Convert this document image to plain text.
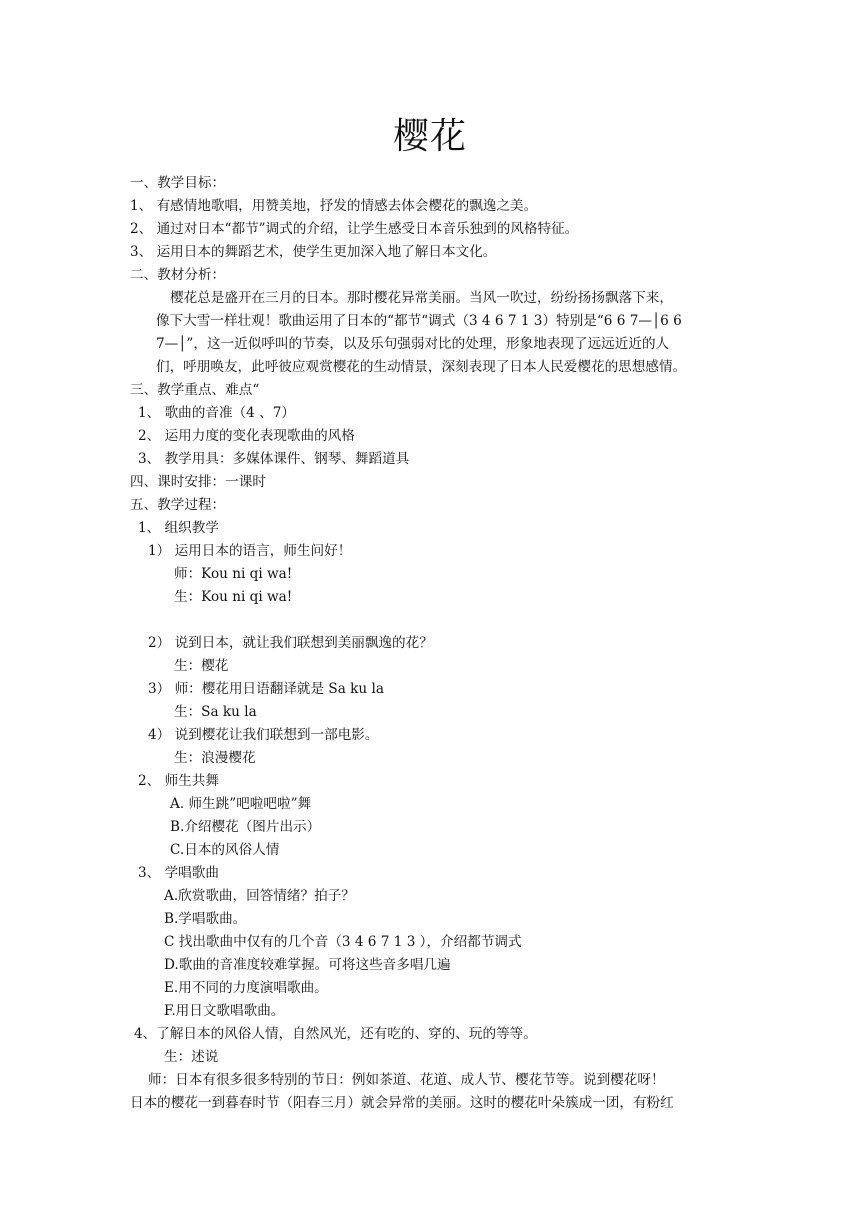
樱花
一、教学目标：
1、 有感情地歌唱，用赞美地，抒发的情感去体会樱花的飘逸之美。
2、 通过对日本“都节”调式的介绍，让学生感受日本音乐独到的风格特征。
3、 运用日本的舞蹈艺术，使学生更加深入地了解日本文化。
二、教材分析：
樱花总是盛开在三月的日本。那时樱花异常美丽。当风一吹过，纷纷扬扬飘落下来，
像下大雪一样壮观！歌曲运用了日本的“都节“调式（3 4 6 7 1 3）特别是“6 6 7—│6 6
7—│”，这一近似呼叫的节奏，以及乐句强弱对比的处理，形象地表现了远远近近的人
们，呼朋唤友，此呼彼应观赏樱花的生动情景，深刻表现了日本人民爱樱花的思想感情。
三、教学重点、难点“
1、 歌曲的音准（4 、7）
2、 运用力度的变化表现歌曲的风格
3、 教学用具：多媒体课件、钢琴、舞蹈道具
四、课时安排：一课时
五、教学过程：
1、 组织教学
1） 运用日本的语言，师生问好！
师：Kou ni qi wa!
生：Kou ni qi wa!
2） 说到日本，就让我们联想到美丽飘逸的花？
生：樱花
3） 师：樱花用日语翻译就是 Sa ku la
生：Sa ku la
4） 说到樱花让我们联想到一部电影。
生：浪漫樱花
2、 师生共舞
A. 师生跳”吧啦吧啦”舞
B.介绍樱花（图片出示）
C.日本的风俗人情
3、 学唱歌曲
A.欣赏歌曲，回答情绪？拍子？
B.学唱歌曲。
C 找出歌曲中仅有的几个音（3 4 6 7 1 3 ），介绍都节调式
D.歌曲的音准度较难掌握。可将这些音多唱几遍
E.用不同的力度演唱歌曲。
F.用日文歌唱歌曲。
4、了解日本的风俗人情，自然风光，还有吃的、穿的、玩的等等。
生：述说
师：日本有很多很多特别的节日：例如茶道、花道、成人节、樱花节等。说到樱花呀！
日本的樱花一到暮春时节（阳春三月）就会异常的美丽。这时的樱花叶朵簇成一团，有粉红
